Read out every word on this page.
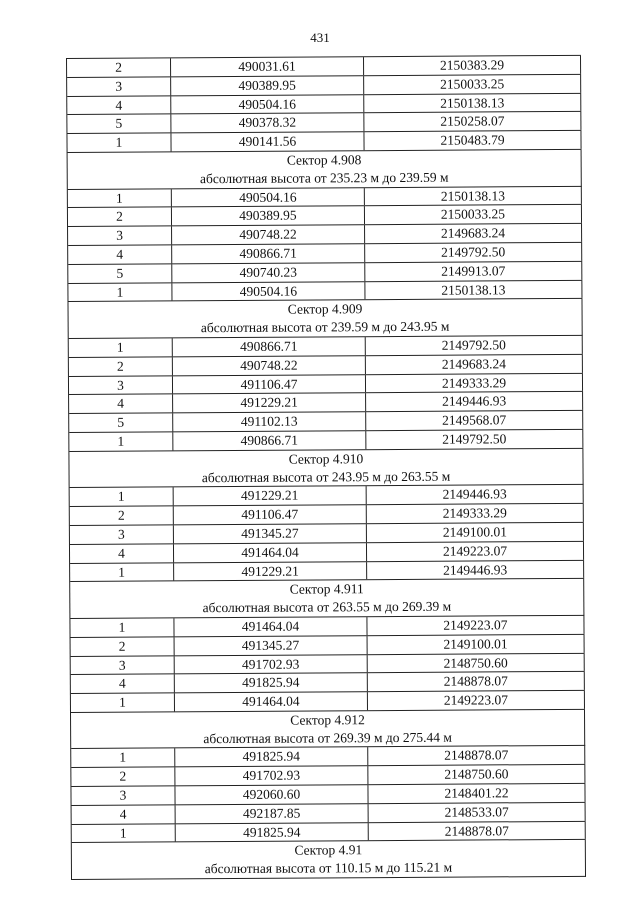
431
2	490031.61	2150383.29
3	490389.95	2150033.25
4	490504.16	2150138.13
5	490378.32	2150258.07
1	490141.56	2150483.79
Сектор 4.908
абсолютная высота от 235.23 м до 239.59 м
1	490504.16	2150138.13
2	490389.95	2150033.25
3	490748.22	2149683.24
4	490866.71	2149792.50
5	490740.23	2149913.07
1	490504.16	2150138.13
Сектор 4.909
абсолютная высота от 239.59 м до 243.95 м
1	490866.71	2149792.50
2	490748.22	2149683.24
3	491106.47	2149333.29
4	491229.21	2149446.93
5	491102.13	2149568.07
1	490866.71	2149792.50
Сектор 4.910
абсолютная высота от 243.95 м до 263.55 м
1	491229.21	2149446.93
2	491106.47	2149333.29
3	491345.27	2149100.01
4	491464.04	2149223.07
1	491229.21	2149446.93
Сектор 4.911
абсолютная высота от 263.55 м до 269.39 м
1	491464.04	2149223.07
2	491345.27	2149100.01
3	491702.93	2148750.60
4	491825.94	2148878.07
1	491464.04	2149223.07
Сектор 4.912
абсолютная высота от 269.39 м до 275.44 м
1	491825.94	2148878.07
2	491702.93	2148750.60
3	492060.60	2148401.22
4	492187.85	2148533.07
1	491825.94	2148878.07
Сектор 4.91
абсолютная высота от 110.15 м до 115.21 м
